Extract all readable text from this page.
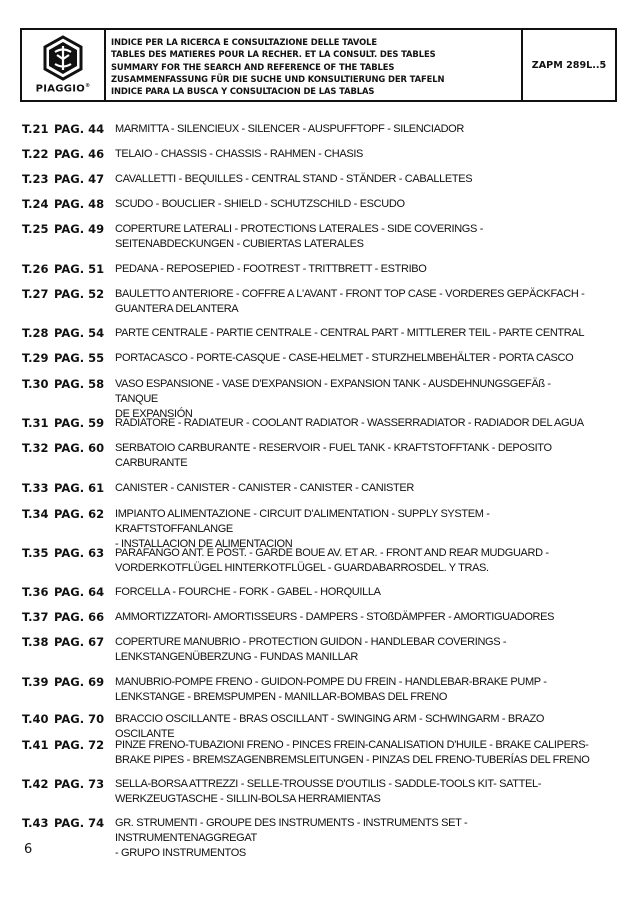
PIAGGIO®
INDICE PER LA RICERCA E CONSULTAZIONE DELLE TAVOLE
TABLES DES MATIERES POUR LA RECHER. ET LA CONSULT. DES TABLES
SUMMARY FOR THE SEARCH AND REFERENCE OF THE TABLES
ZUSAMMENFASSUNG FÜR DIE SUCHE UND KONSULTIERUNG DER TAFELN
INDICE PARA LA BUSCA Y CONSULTACION DE LAS TABLAS
ZAPM 289L..5
T.21 PAG. 44 MARMITTA - SILENCIEUX - SILENCER - AUSPUFFTOPF - SILENCIADOR
T.22 PAG. 46 TELAIO - CHASSIS - CHASSIS - RAHMEN - CHASIS
T.23 PAG. 47 CAVALLETTI - BEQUILLES - CENTRAL STAND - STÄNDER - CABALLETES
T.24 PAG. 48 SCUDO - BOUCLIER - SHIELD - SCHUTZSCHILD - ESCUDO
T.25 PAG. 49 COPERTURE LATERALI - PROTECTIONS LATERALES - SIDE COVERINGS -
SEITENABDECKUNGEN - CUBIERTAS LATERALES
T.26 PAG. 51 PEDANA - REPOSEPIED - FOOTREST - TRITTBRETT - ESTRIBO
T.27 PAG. 52 BAULETTO ANTERIORE - COFFRE A L'AVANT - FRONT TOP CASE - VORDERES GEPÄCKFACH -
GUANTERA DELANTERA
T.28 PAG. 54 PARTE CENTRALE - PARTIE CENTRALE - CENTRAL PART - MITTLERER TEIL - PARTE CENTRAL
T.29 PAG. 55 PORTACASCO - PORTE-CASQUE - CASE-HELMET - STURZHELMBEHÄLTER - PORTA CASCO
T.30 PAG. 58 VASO ESPANSIONE - VASE D'EXPANSION - EXPANSION TANK - AUSDEHNUNGSGEFÄß - TANQUE
DE EXPANSIÓN
T.31 PAG. 59 RADIATORE - RADIATEUR - COOLANT RADIATOR - WASSERRADIATOR - RADIADOR DEL AGUA
T.32 PAG. 60 SERBATOIO CARBURANTE - RESERVOIR - FUEL TANK - KRAFTSTOFFTANK - DEPOSITO
CARBURANTE
T.33 PAG. 61 CANISTER - CANISTER - CANISTER - CANISTER - CANISTER
T.34 PAG. 62 IMPIANTO ALIMENTAZIONE - CIRCUIT D'ALIMENTATION - SUPPLY SYSTEM - KRAFTSTOFFANLANGE
- INSTALLACION DE ALIMENTACION
T.35 PAG. 63 PARAFANGO ANT. E POST. - GARDE BOUE AV. ET AR. - FRONT AND REAR MUDGUARD -
VORDERKOTFLÜGEL HINTERKOTFLÜGEL - GUARDABARROSDEL. Y TRAS.
T.36 PAG. 64 FORCELLA - FOURCHE - FORK - GABEL - HORQUILLA
T.37 PAG. 66 AMMORTIZZATORI- AMORTISSEURS - DAMPERS - STOßDÄMPFER - AMORTIGUADORES
T.38 PAG. 67 COPERTURE MANUBRIO - PROTECTION GUIDON - HANDLEBAR COVERINGS -
LENKSTANGENÜBERZUNG - FUNDAS MANILLAR
T.39 PAG. 69 MANUBRIO-POMPE FRENO - GUIDON-POMPE DU FREIN - HANDLEBAR-BRAKE PUMP -
LENKSTANGE - BREMSPUMPEN - MANILLAR-BOMBAS DEL FRENO
T.40 PAG. 70 BRACCIO OSCILLANTE - BRAS OSCILLANT - SWINGING ARM - SCHWINGARM - BRAZO OSCILANTE
T.41 PAG. 72 PINZE FRENO-TUBAZIONI FRENO - PINCES FREIN-CANALISATION D'HUILE - BRAKE CALIPERS-
BRAKE PIPES - BREMSZAGENBREMSLEITUNGEN - PINZAS DEL FRENO-TUBERÍAS DEL FRENO
T.42 PAG. 73 SELLA-BORSA ATTREZZI - SELLE-TROUSSE D'OUTILIS - SADDLE-TOOLS KIT- SATTEL-
WERKZEUGTASCHE - SILLIN-BOLSA HERRAMIENTAS
T.43 PAG. 74 GR. STRUMENTI - GROUPE DES INSTRUMENTS - INSTRUMENTS SET - INSTRUMENTENAGGREGAT
- GRUPO INSTRUMENTOS
6
